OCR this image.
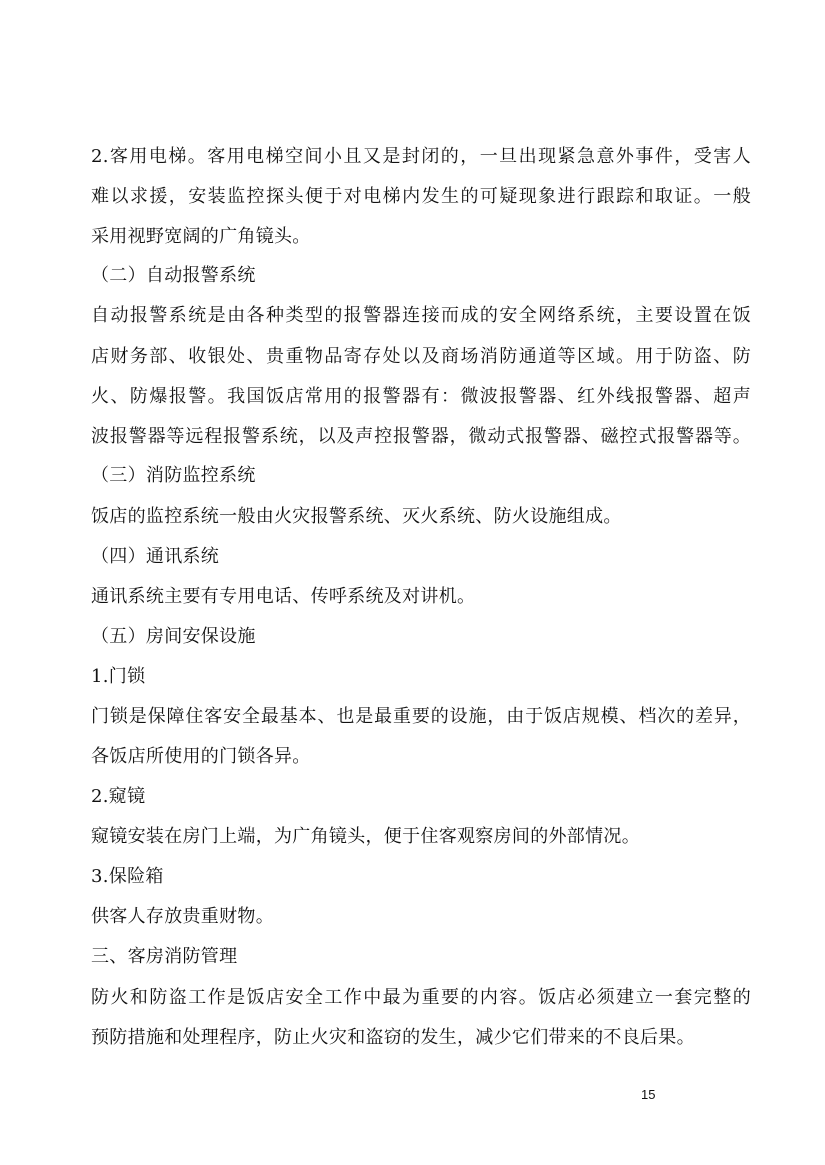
2.客用电梯。客用电梯空间小且又是封闭的，一旦出现紧急意外事件，受害人
难以求援，安装监控探头便于对电梯内发生的可疑现象进行跟踪和取证。一般
采用视野宽阔的广角镜头。
（二）自动报警系统
自动报警系统是由各种类型的报警器连接而成的安全网络系统，主要设置在饭
店财务部、收银处、贵重物品寄存处以及商场消防通道等区域。用于防盗、防
火、防爆报警。我国饭店常用的报警器有：微波报警器、红外线报警器、超声
波报警器等远程报警系统，以及声控报警器，微动式报警器、磁控式报警器等。
（三）消防监控系统
饭店的监控系统一般由火灾报警系统、灭火系统、防火设施组成。
（四）通讯系统
通讯系统主要有专用电话、传呼系统及对讲机。
（五）房间安保设施
1.门锁
门锁是保障住客安全最基本、也是最重要的设施，由于饭店规模、档次的差异，
各饭店所使用的门锁各异。
2.窥镜
窥镜安装在房门上端，为广角镜头，便于住客观察房间的外部情况。
3.保险箱
供客人存放贵重财物。
三、客房消防管理
防火和防盗工作是饭店安全工作中最为重要的内容。饭店必须建立一套完整的
预防措施和处理程序，防止火灾和盗窃的发生，减少它们带来的不良后果。
15
